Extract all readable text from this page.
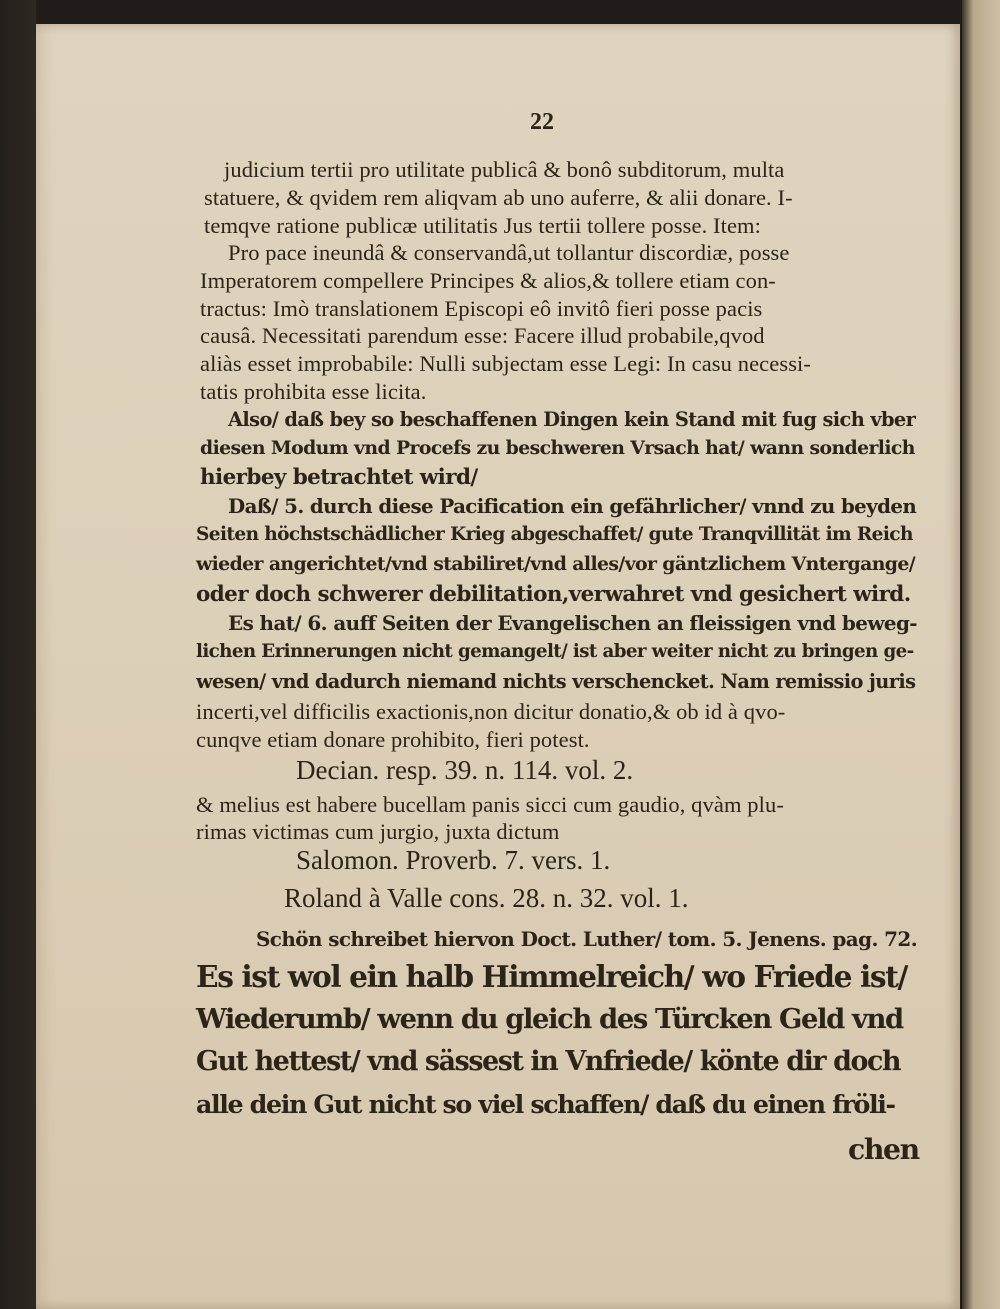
22
judicium tertii pro utilitate publicâ & bonô subditorum, multa
statuere, & qvidem rem aliqvam ab uno auferre, & alii donare. I-
temqve ratione publicæ utilitatis Jus tertii tollere posse. Item:
Pro pace ineundâ & conservandâ,ut tollantur discordiæ, posse
Imperatorem compellere Principes & alios,& tollere etiam con-
tractus: Imò translationem Episcopi eô invitô fieri posse pacis
causâ. Necessitati parendum esse: Facere illud probabile,qvod
aliàs esset improbabile: Nulli subjectam esse Legi: In casu necessi-
tatis prohibita esse licita.
Also/ daß bey so beschaffenen Dingen kein Stand mit fug sich vber
diesen Modum vnd Procefs zu beschweren Vrsach hat/ wann sonderlich
hierbey betrachtet wird/
Daß/ 5. durch diese Pacification ein gefährlicher/ vnnd zu beyden
Seiten höchstschädlicher Krieg abgeschaffet/ gute Tranqvillität im Reich
wieder angerichtet/vnd stabiliret/vnd alles/vor gäntzlichem Vntergange/
oder doch schwerer debilitation,verwahret vnd gesichert wird.
Es hat/ 6. auff Seiten der Evangelischen an fleissigen vnd beweg-
lichen Erinnerungen nicht gemangelt/ ist aber weiter nicht zu bringen ge-
wesen/ vnd dadurch niemand nichts verschencket. Nam remissio juris
incerti,vel difficilis exactionis,non dicitur donatio,& ob id à qvo-
cunqve etiam donare prohibito, fieri potest.
Decian. resp. 39. n. 114. vol. 2.
& melius est habere bucellam panis sicci cum gaudio, qvàm plu-
rimas victimas cum jurgio, juxta dictum
Salomon. Proverb. 7. vers. 1.
Roland à Valle cons. 28. n. 32. vol. 1.
Schön schreibet hiervon Doct. Luther/ tom. 5. Jenens. pag. 72.
Es ist wol ein halb Himmelreich/ wo Friede ist/
Wiederumb/ wenn du gleich des Türcken Geld vnd
Gut hettest/ vnd sässest in Vnfriede/ könte dir doch
alle dein Gut nicht so viel schaffen/ daß du einen fröli-
chen
